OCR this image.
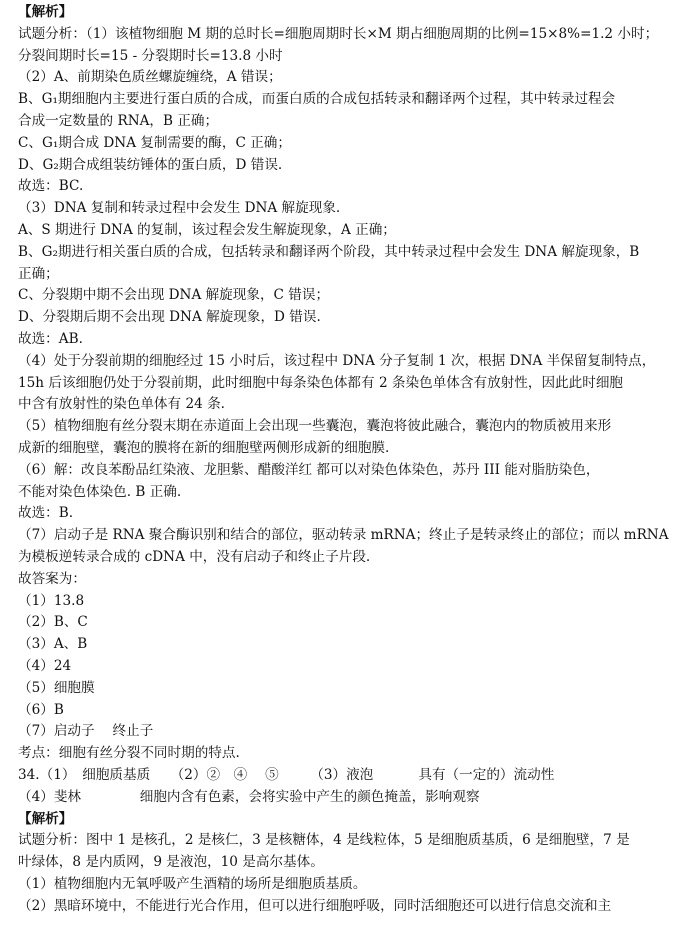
【解析】
试题分析：（1）该植物细胞 M 期的总时长=细胞周期时长×M 期占细胞周期的比例=15×8%=1.2 小时；
分裂间期时长=15 - 分裂期时长=13.8 小时
（2）A、前期染色质丝螺旋缠绕，A 错误；
B、G₁期细胞内主要进行蛋白质的合成，而蛋白质的合成包括转录和翻译两个过程，其中转录过程会
合成一定数量的 RNA，B 正确；
C、G₁期合成 DNA 复制需要的酶，C 正确；
D、G₂期合成组装纺锤体的蛋白质，D 错误.
故选：BC.
（3）DNA 复制和转录过程中会发生 DNA 解旋现象.
A、S 期进行 DNA 的复制，该过程会发生解旋现象，A 正确；
B、G₂期进行相关蛋白质的合成，包括转录和翻译两个阶段，其中转录过程中会发生 DNA 解旋现象，B
正确；
C、分裂期中期不会出现 DNA 解旋现象，C 错误；
D、分裂期后期不会出现 DNA 解旋现象，D 错误.
故选：AB.
（4）处于分裂前期的细胞经过 15 小时后，该过程中 DNA 分子复制 1 次，根据 DNA 半保留复制特点，
15h 后该细胞仍处于分裂前期，此时细胞中每条染色体都有 2 条染色单体含有放射性，因此此时细胞
中含有放射性的染色单体有 24 条.
（5）植物细胞有丝分裂末期在赤道面上会出现一些囊泡，囊泡将彼此融合，囊泡内的物质被用来形
成新的细胞壁，囊泡的膜将在新的细胞壁两侧形成新的细胞膜.
（6）解：改良苯酚品红染液、龙胆紫、醋酸洋红 都可以对染色体染色，苏丹 III 能对脂肪染色，
不能对染色体染色. B 正确.
故选：B.
（7）启动子是 RNA 聚合酶识别和结合的部位，驱动转录 mRNA；终止子是转录终止的部位；而以 mRNA
为模板逆转录合成的 cDNA 中，没有启动子和终止子片段.
故答案为：
（1）13.8
（2）B、C
（3）A、B
（4）24
（5）细胞膜
（6）B
（7）启动子　 终止子
考点：细胞有丝分裂不同时期的特点.
34.（1）　细胞质基质　　（2）②　④　 ⑤　　 （3）液泡　　　 具有（一定的）流动性
（4）斐林　　　　 细胞内含有色素，会将实验中产生的颜色掩盖，影响观察
【解析】
试题分析：图中 1 是核孔，2 是核仁，3 是核糖体，4 是线粒体，5 是细胞质基质，6 是细胞壁，7 是
叶绿体，8 是内质网，9 是液泡，10 是高尔基体。
（1）植物细胞内无氧呼吸产生酒精的场所是细胞质基质。
（2）黑暗环境中，不能进行光合作用，但可以进行细胞呼吸，同时活细胞还可以进行信息交流和主
